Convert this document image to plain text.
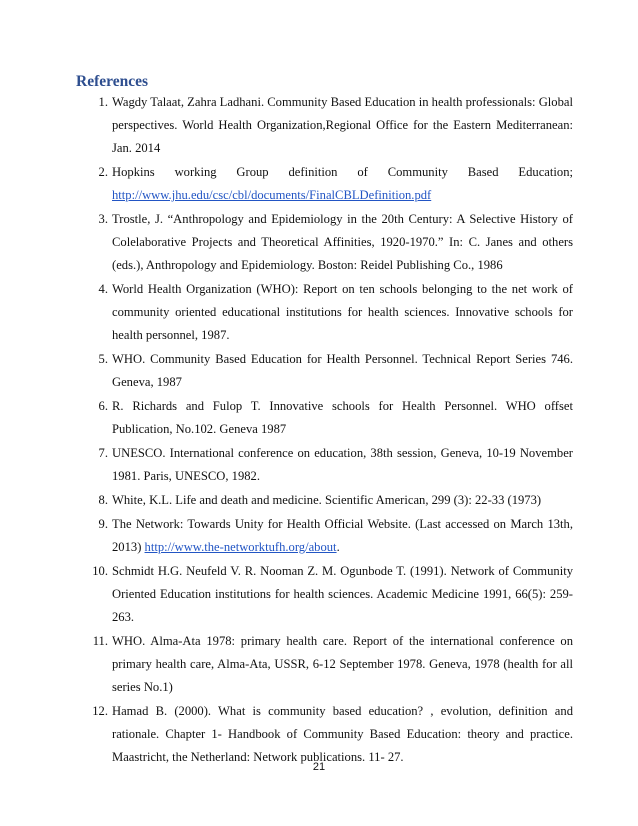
References
1. Wagdy Talaat, Zahra Ladhani. Community Based Education in health professionals: Global perspectives. World Health Organization,Regional Office for the Eastern Mediterranean: Jan. 2014
2. Hopkins working Group definition of Community Based Education; http://www.jhu.edu/csc/cbl/documents/FinalCBLDefinition.pdf
3. Trostle, J. “Anthropology and Epidemiology in the 20th Century: A Selective History of Colelaborative Projects and Theoretical Affinities, 1920-1970.” In: C. Janes and others (eds.), Anthropology and Epidemiology. Boston: Reidel Publishing Co., 1986
4. World Health Organization (WHO): Report on ten schools belonging to the net work of community oriented educational institutions for health sciences. Innovative schools for health personnel, 1987.
5. WHO. Community Based Education for Health Personnel. Technical Report Series 746. Geneva, 1987
6. R. Richards and Fulop T. Innovative schools for Health Personnel. WHO offset Publication, No.102. Geneva 1987
7. UNESCO. International conference on education, 38th session, Geneva, 10-19 November 1981. Paris, UNESCO, 1982.
8. White, K.L. Life and death and medicine. Scientific American, 299 (3): 22-33 (1973)
9. The Network: Towards Unity for Health Official Website. (Last accessed on March 13th, 2013) http://www.the-networktufh.org/about.
10. Schmidt H.G. Neufeld V. R. Nooman Z. M. Ogunbode T. (1991). Network of Community Oriented Education institutions for health sciences. Academic Medicine 1991, 66(5): 259-263.
11. WHO. Alma-Ata 1978: primary health care. Report of the international conference on primary health care, Alma-Ata, USSR, 6-12 September 1978. Geneva, 1978 (health for all series No.1)
12. Hamad B. (2000). What is community based education? , evolution, definition and rationale. Chapter 1- Handbook of Community Based Education: theory and practice. Maastricht, the Netherland: Network publications. 11- 27.
21
